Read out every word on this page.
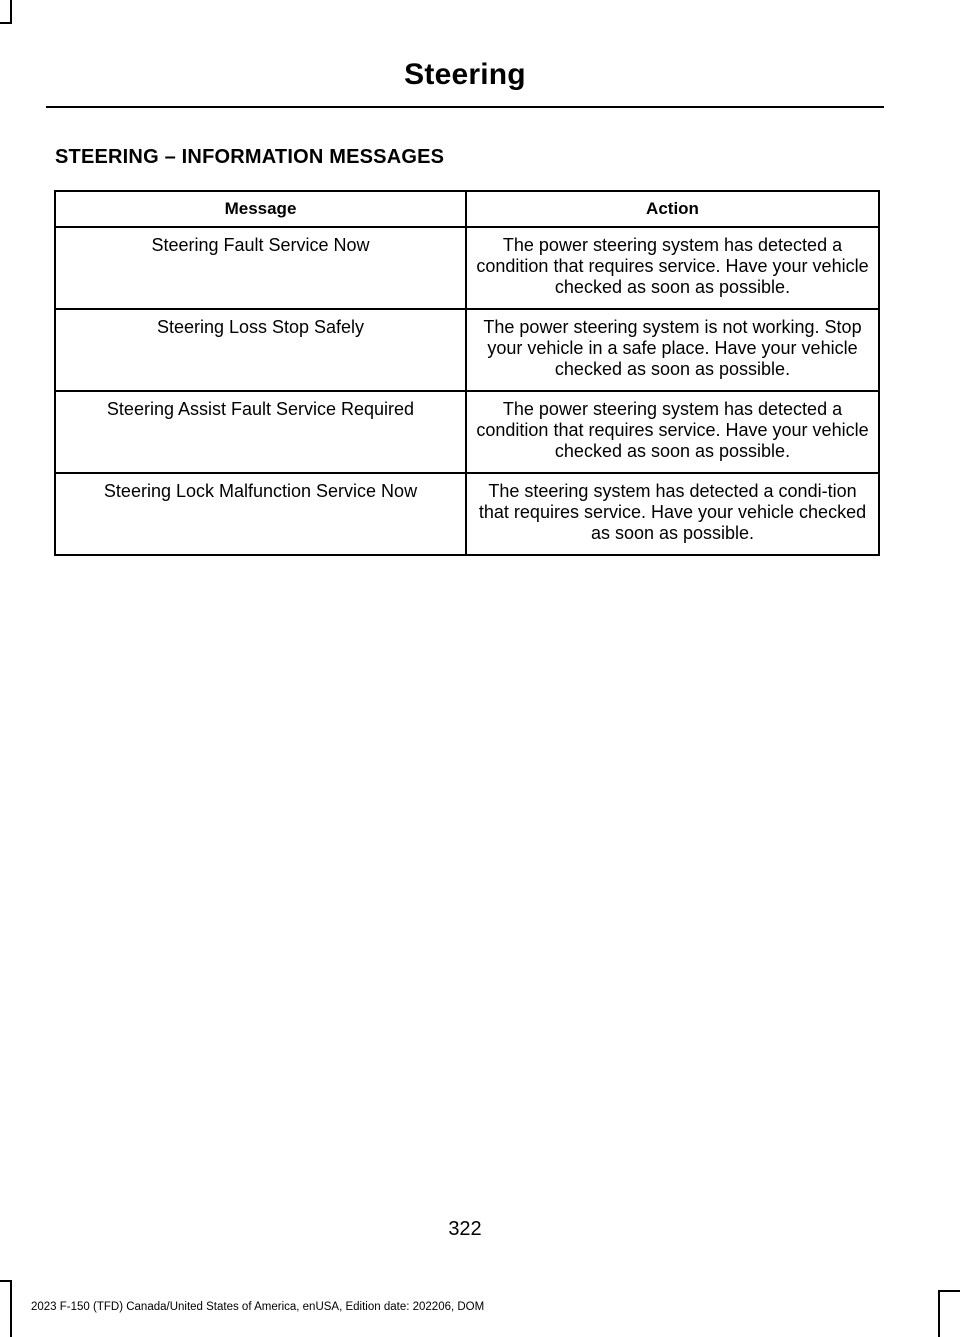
Steering
STEERING – INFORMATION MESSAGES
Message	Action
Steering Fault Service Now	The power steering system has detected a condition that requires service. Have your vehicle checked as soon as possible.
Steering Loss Stop Safely	The power steering system is not working. Stop your vehicle in a safe place. Have your vehicle checked as soon as possible.
Steering Assist Fault Service Required	The power steering system has detected a condition that requires service. Have your vehicle checked as soon as possible.
Steering Lock Malfunction Service Now	The steering system has detected a condi-tion that requires service. Have your vehicle checked as soon as possible.
322
2023 F-150 (TFD) Canada/United States of America, enUSA, Edition date: 202206, DOM
